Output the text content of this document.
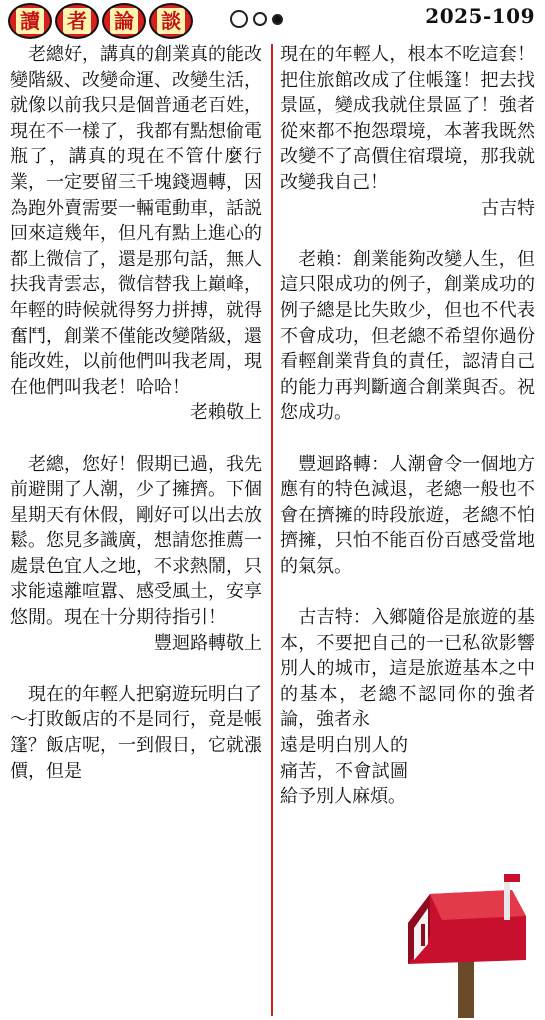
讀 者 論 談	2025-109

　老總好，講真的創業真的能改變階級、改變命運、改變生活，就像以前我只是個普通老百姓，現在不一樣了，我都有點想偷電瓶了，講真的現在不管什麼行業，一定要留三千塊錢週轉，因為跑外賣需要一輛電動車，話説回來這幾年，但凡有點上進心的都上微信了，還是那句話，無人扶我青雲志，微信替我上巔峰，年輕的時候就得努力拼搏，就得奮鬥，創業不僅能改變階級，還能改姓，以前他們叫我老周，現在他們叫我老！哈哈！

老賴敬上

　老總，您好！假期已過，我先前避開了人潮，少了擁擠。下個星期天有休假，剛好可以出去放鬆。您見多識廣，想請您推薦一處景色宜人之地，不求熱鬧，只求能遠離喧囂、感受風土，安享悠閒。現在十分期待指引！

豐迴路轉敬上

　現在的年輕人把窮遊玩明白了～打敗飯店的不是同行，竟是帳篷？飯店呢，一到假日，它就漲價，但是

現在的年輕人，根本不吃這套！把住旅館改成了住帳篷！把去找景區，變成我就住景區了！強者從來都不抱怨環境，本著我既然改變不了高價住宿環境，那我就改變我自己！

古吉特

　老賴：創業能夠改變人生，但這只限成功的例子，創業成功的例子總是比失敗少，但也不代表不會成功，但老總不希望你過份看輕創業背負的責任，認清自己的能力再判斷適合創業與否。祝您成功。

　豐迴路轉：人潮會令一個地方應有的特色減退，老總一般也不會在擠擁的時段旅遊，老總不怕擠擁，只怕不能百份百感受當地的氣氛。

　古吉特：入鄉隨俗是旅遊的基本，不要把自己的一已私欲影響別人的城市，這是旅遊基本之中的基本，老總不認同你的強者論，強者永

遠是明白別人的痛苦，不會試圖給予別人麻煩。
